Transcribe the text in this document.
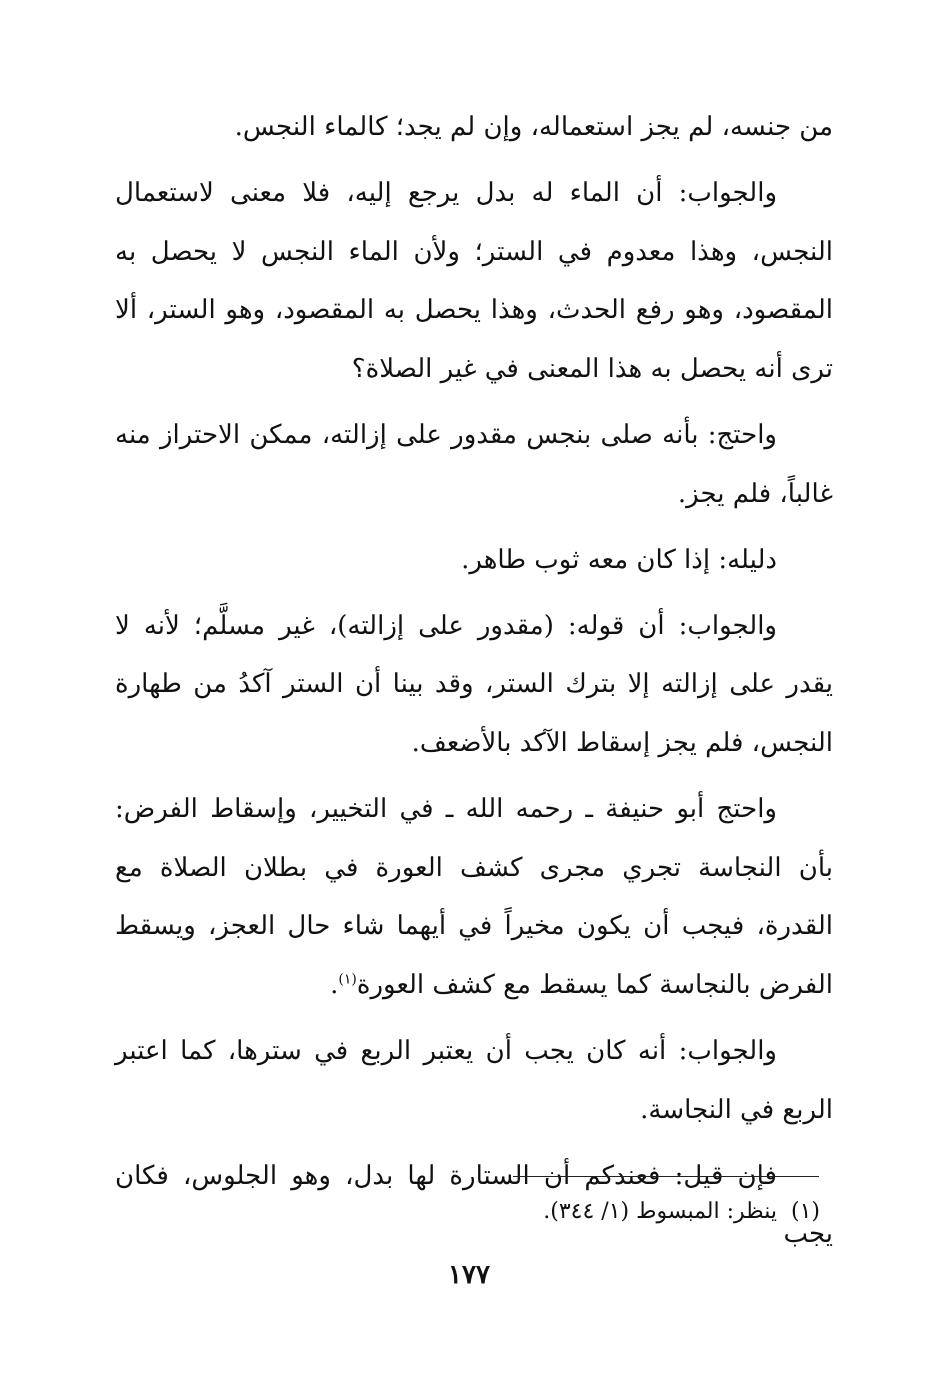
من جنسه، لم يجز استعماله، وإن لم يجد؛ كالماء النجس.

والجواب: أن الماء له بدل يرجع إليه، فلا معنى لاستعمال النجس، وهذا معدوم في الستر؛ ولأن الماء النجس لا يحصل به المقصود، وهو رفع الحدث، وهذا يحصل به المقصود، وهو الستر، ألا ترى أنه يحصل به هذا المعنى في غير الصلاة؟

واحتج: بأنه صلى بنجس مقدور على إزالته، ممكن الاحتراز منه غالباً، فلم يجز.

دليله: إذا كان معه ثوب طاهر.

والجواب: أن قوله: (مقدور على إزالته)، غير مسلَّم؛ لأنه لا يقدر على إزالته إلا بترك الستر، وقد بينا أن الستر آكدُ من طهارة النجس، فلم يجز إسقاط الآكد بالأضعف.

واحتج أبو حنيفة ـ رحمه الله ـ في التخيير، وإسقاط الفرض: بأن النجاسة تجري مجرى كشف العورة في بطلان الصلاة مع القدرة، فيجب أن يكون مخيراً في أيهما شاء حال العجز، ويسقط الفرض بالنجاسة كما يسقط مع كشف العورة$^{(١)}$.

والجواب: أنه كان يجب أن يعتبر الربع في سترها، كما اعتبر الربع في النجاسة.

فإن قيل: فعندكم أن الستارة لها بدل، وهو الجلوس، فكان يجب

(١)ينظر: المبسوط (١/ ٣٤٤).
١٧٧
